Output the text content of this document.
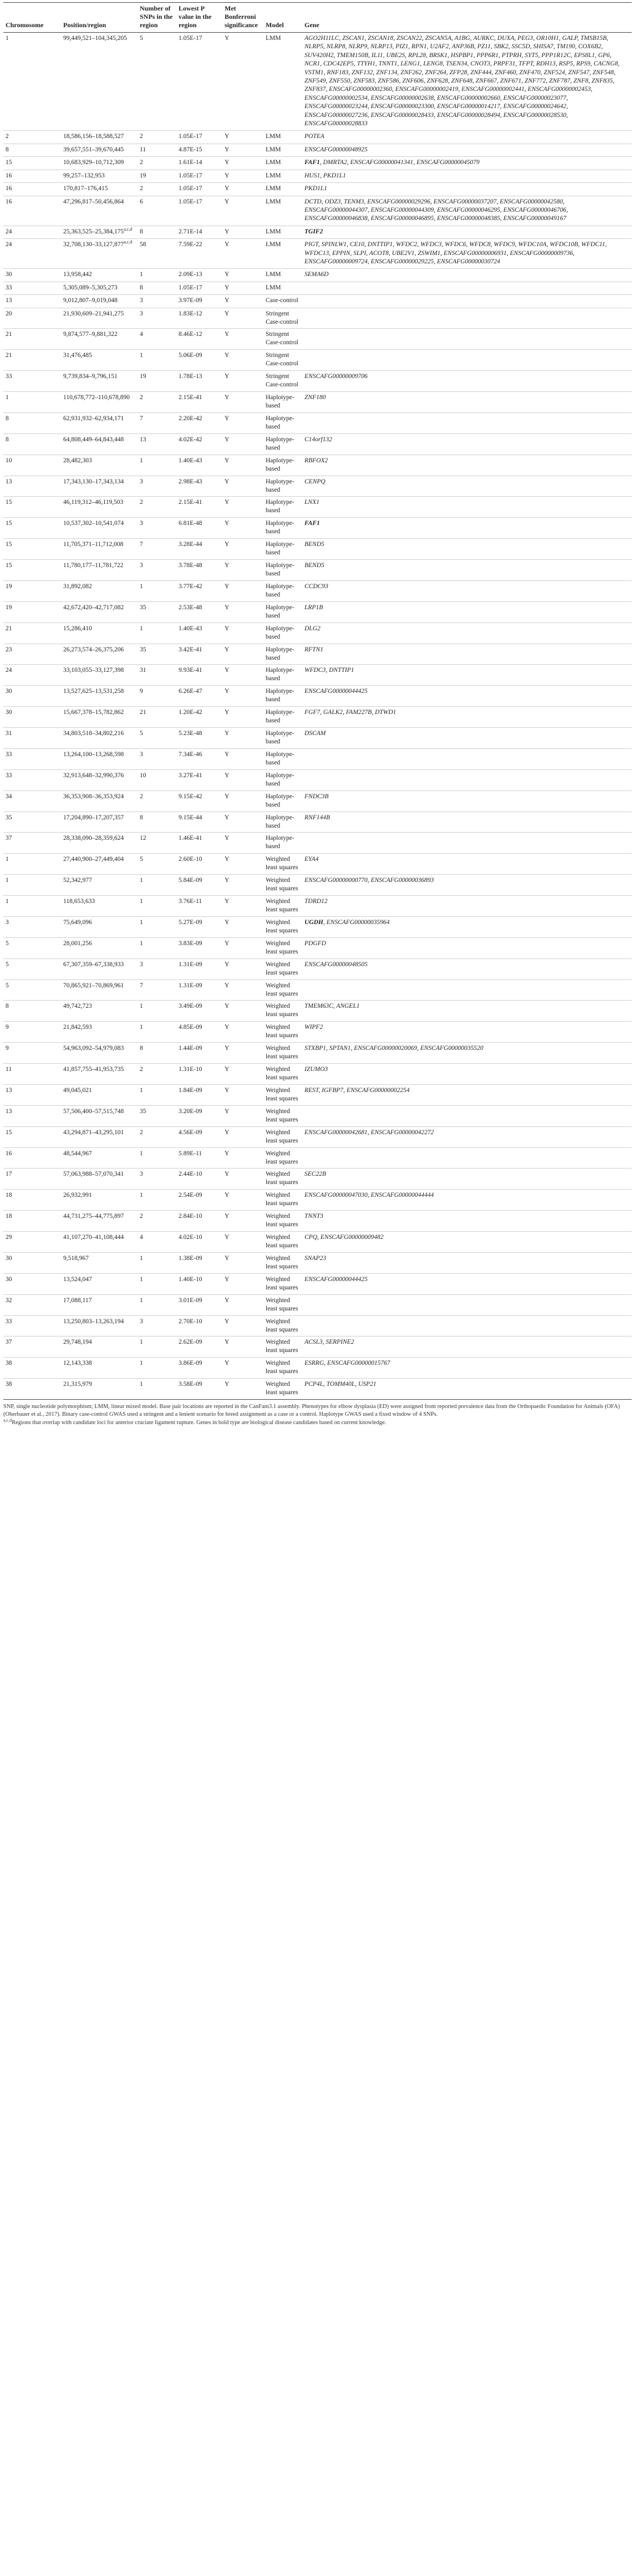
Chromosome	Position/region	Number of SNPs in the region	Lowest P value in the region	Met Bonferroni significance	Model	Gene
1	99,449,521–104,345,205	5	1.05E-17	Y	LMM	AGO2H11LC, ZSCAN1, ZSCAN18, ZSCAN22, ZSCAN5A, A1BG, AURKC, DUXA, PEG3, OR10H1, GALP, TMSB15B, NLRP5, NLRP8, NLRP9, NLRP13, PIZ1, RPN1, U2AF2, ANP36B, PZ11, SBK2, SSC5D, SHISA7, TM190, COX6B2, SUV420H2, TMEM150B, IL11, UBE2S, RPL28, BRSK1, HSPBP1, PPP6R1, PTPRH, SYT5, PPP1R12C, EPS8L1, GP6, NCR1, CDC42EP5, TTYH1, TNNT1, LENG1, LENG8, TSEN34, CNOT3, PRPF31, TFPT, RDH13, RSP5, RPS9, CACNG8, VSTM1, RNF183, ZNF132, ZNF134, ZNF262, ZNF264, ZFP28, ZNF444, ZNF460, ZNF470, ZNF524, ZNF547, ZNF548, ZNF549, ZNF550, ZNF583, ZNF586, ZNF606, ZNF628, ZNF648, ZNF667, ZNF671, ZNF772, ZNF787, ZNF8, ZNF835, ZNF837, ENSCAFG00000002360, ENSCAFG00000002419, ENSCAFG00000002441, ENSCAFG00000002453, ENSCAFG00000002534, ENSCAFG00000002638, ENSCAFG00000002660, ENSCAFG00000023077, ENSCAFG00000023244, ENSCAFG00000023300, ENSCAFG00000014217, ENSCAFG00000024642, ENSCAFG00000027236, ENSCAFG00000028433, ENSCAFG00000028494, ENSCAFG00000028530, ENSCAFG00000028833
2	18,586,156–18,588,527	2	1.05E-17	Y	LMM	POTEA
8	39,657,551–39,670,445	11	4.87E-15	Y	LMM	ENSCAFG00000048925
15	10,683,929–10,712,309	2	1.61E-14	Y	LMM	FAF1, DMRTA2, ENSCAFG00000041341, ENSCAFG00000045079
16	99,257–132,953	19	1.05E-17	Y	LMM	HUS1, PKD1L1
16	170,817–176,415	2	1.05E-17	Y	LMM	PKD1L1
16	47,296,817–50,456,864	6	1.05E-17	Y	LMM	DCTD, ODZ3, TENM3, ENSCAFG00000029296, ENSCAFG00000037207, ENSCAFG00000042580, ENSCAFG00000044307, ENSCAFG00000044309, ENSCAFG00000046295, ENSCAFG00000046706, ENSCAFG00000046838, ENSCAFG00000046895, ENSCAFG00000048385, ENSCAFG00000049167
24	25,363,525–25,384,175$^{a,c,d}$	8	2.71E-14	Y	LMM	TGIF2
24	32,708,130–33,127,877$^{a,c,d}$	58	7.59E-22	Y	LMM	PIGT, SPINLW1, CE10, DNTTIP1, WFDC2, WFDC3, WFDC6, WFDC8, WFDC9, WFDC10A, WFDC10B, WFDC11, WFDC13, EPPIN, SLPI, ACOT8, UBE2V1, ZSWIM1, ENSCAFG00000006931, ENSCAFG00000009736, ENSCAFG00000009724, ENSCAFG00000029225, ENSCAFG00000030724
30	13,958,442	1	2.09E-13	Y	LMM	SEMA6D
33	5,305,089–5,305,273	8	1.05E-17	Y	LMM	
13	9,012,807–9,019,048	3	3.97E-09	Y	Case-control	
20	21,930,609–21,941,275	3	1.83E-12	Y	Stringent Case-control	
21	9,874,577–9,881,322	4	8.46E-12	Y	Stringent Case-control	
21	31,476,485	1	5.06E-09	Y	Stringent Case-control	
33	9,739,834–9,796,151	19	1.78E-13	Y	Stringent Case-control	ENSCAFG00000009706
1	110,678,772–110,678,890	2	2.15E-41	Y	Haplotype-based	ZNF180
8	62,931,932–62,934,171	7	2.20E-42	Y	Haplotype-based	
8	64,808,449–64,843,448	13	4.02E-42	Y	Haplotype-based	C14orf132
10	28,482,303	1	1.40E-43	Y	Haplotype-based	RBFOX2
13	17,343,130–17,343,134	3	2.98E-43	Y	Haplotype-based	CENPQ
15	46,119,312–46,119,503	2	2.15E-41	Y	Haplotype-based	LNX1
15	10,537,302–10,541,074	3	6.81E-48	Y	Haplotype-based	FAF1
15	11,705,371–11,712,008	7	3.28E-44	Y	Haplotype-based	BEND5
15	11,780,177–11,781,722	3	3.78E-48	Y	Haplotype-based	BEND5
19	31,892,082	1	3.77E-42	Y	Haplotype-based	CCDC93
19	42,672,420–42,717,082	35	2.53E-48	Y	Haplotype-based	LRP1B
21	15,286,410	1	1.40E-43	Y	Haplotype-based	DLG2
23	26,273,574–26,375,206	35	3.42E-41	Y	Haplotype-based	RFTN1
24	33,103,055–33,127,398	31	9.93E-41	Y	Haplotype-based	WFDC3, DNTTIP1
30	13,527,625–13,531,258	9	6.26E-47	Y	Haplotype-based	ENSCAFG00000044425
30	15,667,378–15,782,862	21	1.20E-42	Y	Haplotype-based	FGF7, GALK2, FAM227B, DTWD1
31	34,803,518–34,802,216	5	5.23E-48	Y	Haplotype-based	DSCAM
33	13,264,100–13,268,598	3	7.34E-46	Y	Haplotype-based	
33	32,913,648–32,990,376	10	3.27E-41	Y	Haplotype-based	
34	36,353,908–36,353,924	2	9.15E-42	Y	Haplotype-based	FNDC3B
35	17,204,890–17,207,357	8	9.15E-44	Y	Haplotype-based	RNF144B
37	28,338,090–28,359,624	12	1.46E-41	Y	Haplotype-based	
1	27,440,900–27,449,404	5	2.60E-10	Y	Weighted least squares	EYA4
1	52,342,977	1	5.84E-09	Y	Weighted least squares	ENSCAFG00000000770, ENSCAFG00000036893
1	118,653,633	1	3.76E-11	Y	Weighted least squares	TDRD12
3	75,649,096	1	5.27E-09	Y	Weighted least squares	UGDH, ENSCAFG00000035964
5	28,001,256	1	3.83E-09	Y	Weighted least squares	PDGFD
5	67,307,359–67,338,933	3	1.31E-09	Y	Weighted least squares	ENSCAFG00000048505
5	70,865,921–70,869,961	7	1.31E-09	Y	Weighted least squares	
8	49,742,723	1	3.49E-09	Y	Weighted least squares	TMEM63C, ANGEL1
9	21,842,593	1	4.85E-09	Y	Weighted least squares	WIPF2
9	54,963,092–54,979,083	8	1.44E-09	Y	Weighted least squares	STXBP1, SPTAN1, ENSCAFG00000020069, ENSCAFG00000035520
11	41,857,755–41,953,735	2	1.31E-10	Y	Weighted least squares	IZUMO3
13	49,045,021	1	1.84E-09	Y	Weighted least squares	REST, IGFBP7, ENSCAFG00000002254
13	57,506,400–57,515,748	35	3.20E-09	Y	Weighted least squares	
15	43,294,871–43,295,101	2	4.56E-09	Y	Weighted least squares	ENSCAFG00000042681, ENSCAFG00000042272
16	48,544,967	1	5.89E-11	Y	Weighted least squares	
17	57,063,988–57,070,341	3	2.44E-10	Y	Weighted least squares	SEC22B
18	26,932,991	1	2.54E-09	Y	Weighted least squares	ENSCAFG00000047030, ENSCAFG00000044444
18	44,731,275–44,775,897	2	2.84E-10	Y	Weighted least squares	TNNT3
29	41,107,270–41,108,444	4	4.02E-10	Y	Weighted least squares	CPQ, ENSCAFG00000009482
30	9,518,967	1	1.38E-09	Y	Weighted least squares	SNAP23
30	13,524,047	1	1.40E-10	Y	Weighted least squares	ENSCAFG00000044425
32	17,088,117	1	3.01E-09	Y	Weighted least squares	
33	13,250,803–13,263,194	3	2.70E-10	Y	Weighted least squares	
37	29,748,194	1	2.62E-09	Y	Weighted least squares	ACSL3, SERPINE2
38	12,143,338	1	3.86E-09	Y	Weighted least squares	ESRRG, ENSCAFG00000015767
38	21,315,979	1	3.58E-09	Y	Weighted least squares	PCP4L, TOMM40L, USP21

SNP, single nucleotide polymorphism; LMM, linear mixed model. Base pair locations are reported in the CanFam3.1 assembly. Phenotypes for elbow dysplasia (ED) were assigned from reported prevalence data from the Orthopaedic Foundation for Animals (OFA) (Oberbauer et al., 2017). Binary case-control GWAS used a stringent and a lenient scenario for breed assignment as a case or a control. Haplotype GWAS used a fixed window of 4 SNPs.

$^{a,c,d}$Regions that overlap with candidate loci for anterior cruciate ligament rupture. Genes in bold type are biological disease candidates based on current knowledge.
